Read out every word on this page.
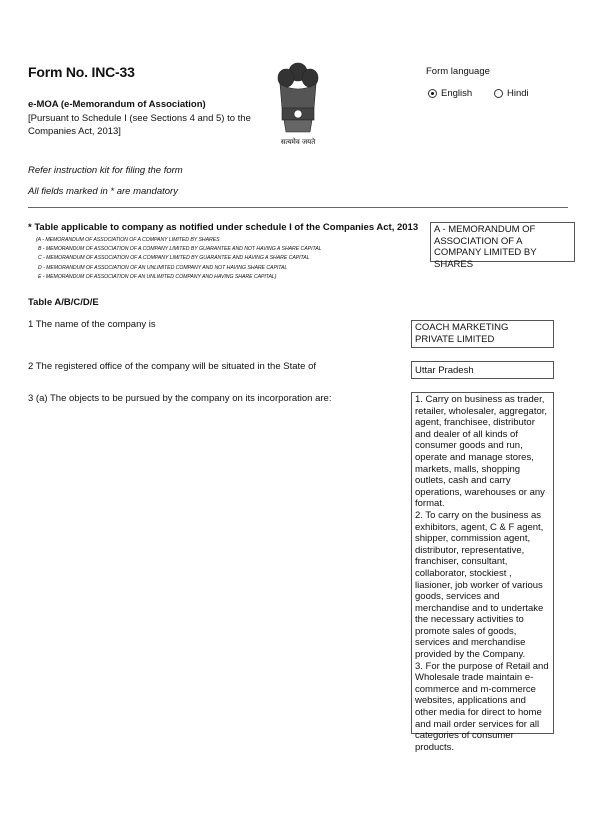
Form No. INC-33
e-MOA (e-Memorandum of Association)
[Pursuant to Schedule I (see Sections 4 and 5) to the Companies Act, 2013]
सत्यमेव जयते
Form language
English	Hindi
Refer instruction kit for filing the form
All fields marked in * are mandatory
* Table applicable to company as notified under schedule I of the Companies Act, 2013
(A - MEMORANDUM OF ASSOCIATION OF A COMPANY LIMITED BY SHARES
B - MEMORANDUM OF ASSOCIATION OF A COMPANY LIMITED BY GUARANTEE AND NOT HAVING A SHARE CAPITAL
C - MEMORANDUM OF ASSOCIATION OF A COMPANY LIMITED BY GUARANTEE AND HAVING A SHARE CAPITAL
D - MEMORANDUM OF ASSOCIATION OF AN UNLIMITED COMPANY AND NOT HAVING SHARE CAPITAL
E - MEMORANDUM OF ASSOCIATION OF AN UNLIMITED COMPANY AND HAVING SHARE CAPITAL)
A - MEMORANDUM OF ASSOCIATION OF A COMPANY LIMITED BY SHARES
Table A/B/C/D/E
1 The name of the company is	COACH MARKETING PRIVATE LIMITED
2 The registered office of the company will be situated in the State of	Uttar Pradesh
3 (a) The objects to be pursued by the company on its incorporation are:	1. Carry on business as trader, retailer, wholesaler, aggregator, agent, franchisee, distributor and dealer of all kinds of consumer goods and run, operate and manage stores, markets, malls, shopping outlets, cash and carry operations, warehouses or any format.
2. To carry on the business as exhibitors, agent, C & F agent, shipper, commission agent, distributor, representative, franchiser, consultant, collaborator, stockiest , liasioner, job worker of various goods, services and merchandise and to undertake the necessary activities to promote sales of goods, services and merchandise provided by the Company.
3. For the purpose of Retail and Wholesale trade maintain e-commerce and m-commerce websites, applications and other media for direct to home and mail order services for all categories of consumer products.
